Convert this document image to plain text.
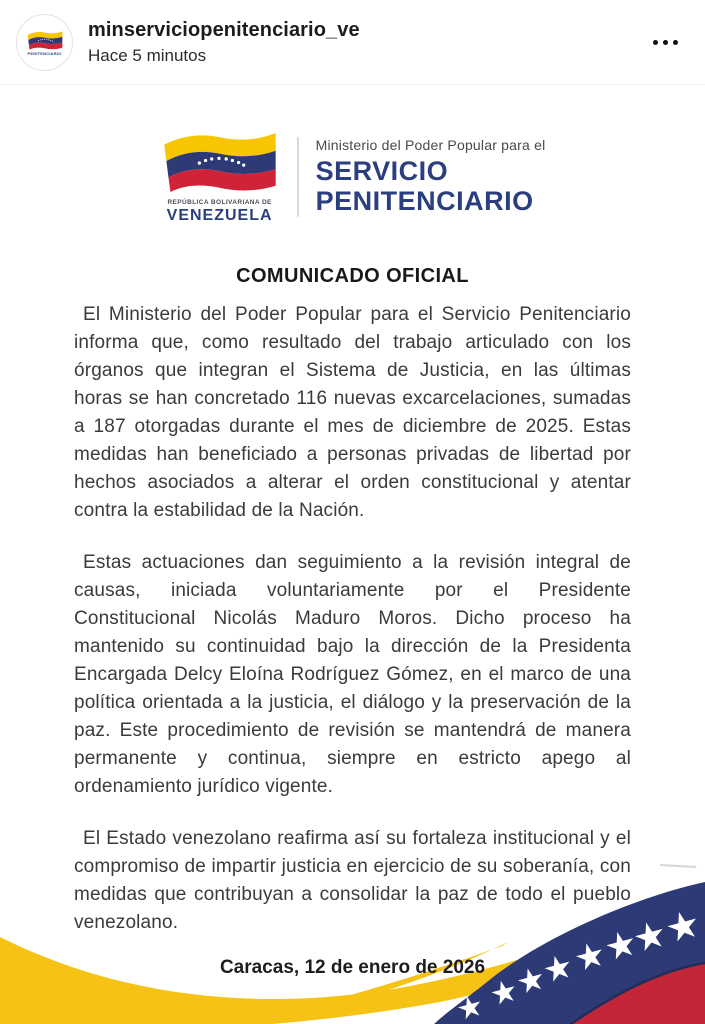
PENITENCIARIO
minserviciopenitenciario_ve
Hace 5 minutos
REPÚBLICA BOLIVARIANA DE
VENEZUELA
Ministerio del Poder Popular para el
SERVICIO
PENITENCIARIO
COMUNICADO OFICIAL

El Ministerio del Poder Popular para el Servicio Penitenciario informa que, como resultado del trabajo articulado con los órganos que integran el Sistema de Justicia, en las últimas horas se han concretado 116 nuevas excarcelaciones, sumadas a 187 otorgadas durante el mes de diciembre de 2025. Estas medidas han beneficiado a personas privadas de libertad por hechos asociados a alterar el orden constitucional y atentar contra la estabilidad de la Nación.

Estas actuaciones dan seguimiento a la revisión integral de causas, iniciada voluntariamente por el Presidente Constitucional Nicolás Maduro Moros. Dicho proceso ha mantenido su continuidad bajo la dirección de la Presidenta Encargada Delcy Eloína Rodríguez Gómez, en el marco de una política orientada a la justicia, el diálogo y la preservación de la paz. Este procedimiento de revisión se mantendrá de manera permanente y continua, siempre en estricto apego al ordenamiento jurídico vigente.

El Estado venezolano reafirma así su fortaleza institucional y el compromiso de impartir justicia en ejercicio de su soberanía, con medidas que contribuyan a consolidar la paz de todo el pueblo venezolano.

Caracas, 12 de enero de 2026
